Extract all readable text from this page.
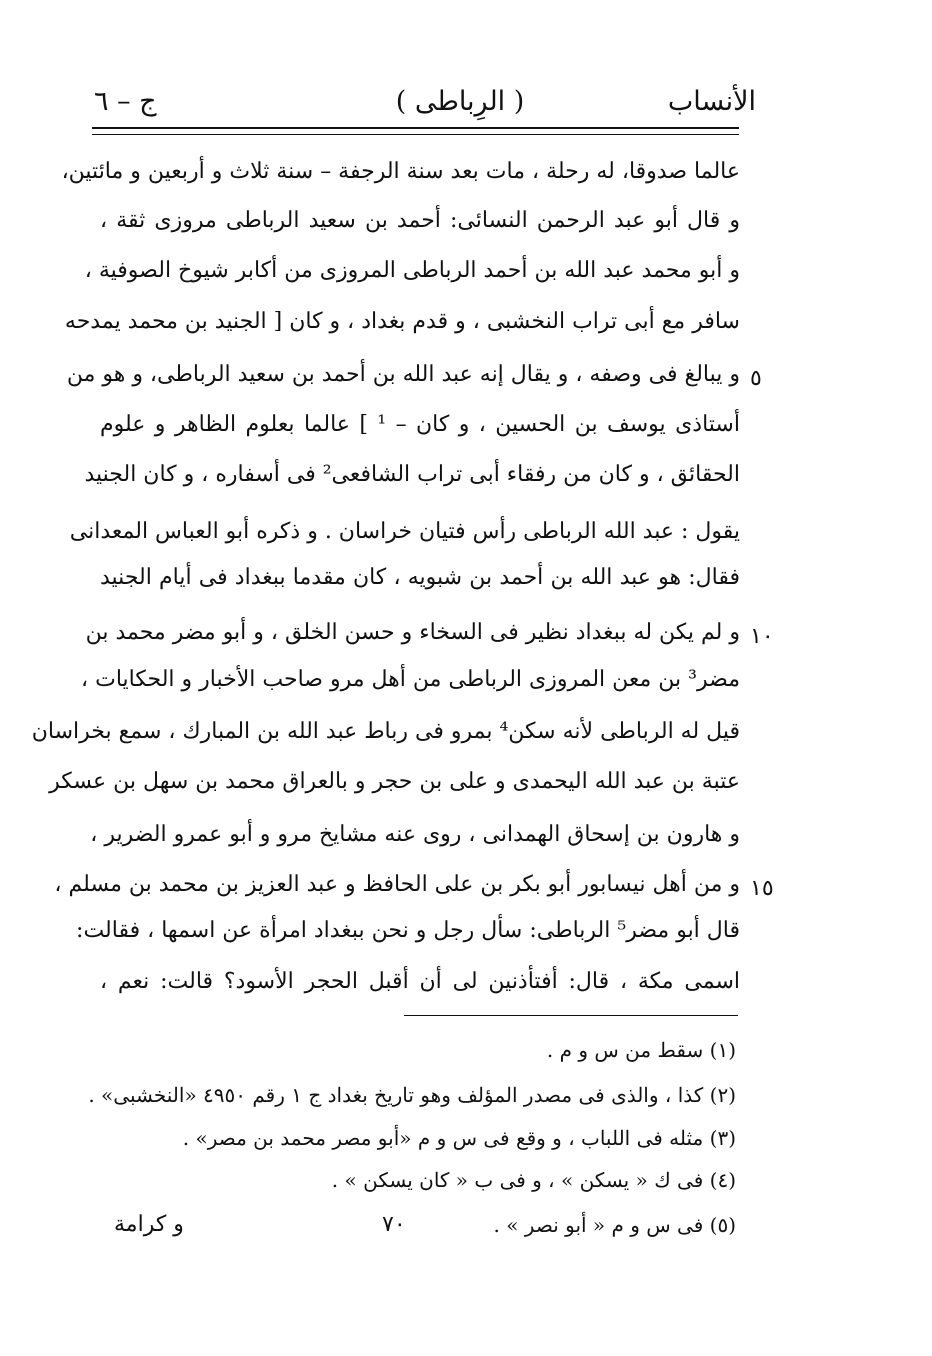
الأنساب
( الرِباطى )
ج – ٦
عالما صدوقا، له رحلة ، مات بعد سنة الرجفة – سنة ثلاث و أربعين و مائتين،
و قال أبو عبد الرحمن النسائى: أحمد بن سعيد الرباطى مروزى ثقة ،
و أبو محمد عبد الله بن أحمد الرباطى المروزى من أكابر شيوخ الصوفية ،
سافر مع أبى تراب النخشبى ، و قدم بغداد ، و كان [ الجنيد بن محمد يمدحه
و يبالغ فى وصفه ، و يقال إنه عبد الله بن أحمد بن سعيد الرباطى، و هو من
أستاذى يوسف بن الحسين ، و كان – ¹ ] عالما بعلوم الظاهر و علوم
الحقائق ، و كان من رفقاء أبى تراب الشافعى² فى أسفاره ، و كان الجنيد
يقول : عبد الله الرباطى رأس فتيان خراسان . و ذكره أبو العباس المعدانى
فقال: هو عبد الله بن أحمد بن شبويه ، كان مقدما ببغداد فى أيام الجنيد
و لم يكن له ببغداد نظير فى السخاء و حسن الخلق ، و أبو مضر محمد بن
مضر³ بن معن المروزى الرباطى من أهل مرو صاحب الأخبار و الحكايات ،
قيل له الرباطى لأنه سكن⁴ بمرو فى رباط عبد الله بن المبارك ، سمع بخراسان
عتبة بن عبد الله اليحمدى و على بن حجر و بالعراق محمد بن سهل بن عسكر
و هارون بن إسحاق الهمدانى ، روى عنه مشايخ مرو و أبو عمرو الضرير ،
و من أهل نيسابور أبو بكر بن على الحافظ و عبد العزيز بن محمد بن مسلم ،
قال أبو مضر⁵ الرباطى: سأل رجل و نحن ببغداد امرأة عن اسمها ، فقالت:
اسمى مكة ، قال: أفتأذنين لى أن أقبل الحجر الأسود؟ قالت: نعم ،
٥
١٠
١٥
(١) سقط من س و م .
(٢) كذا ، والذى فى مصدر المؤلف وهو تاريخ بغداد ج ١ رقم ٤٩٥٠ «النخشبى» .
(٣) مثله فى اللباب ، و وقع فى س و م «أبو مصر محمد بن مصر» .
(٤) فى ك « يسكن » ، و فى ب « كان يسكن » .
(٥) فى س و م « أبو نصر » .
٧٠
و كرامة
